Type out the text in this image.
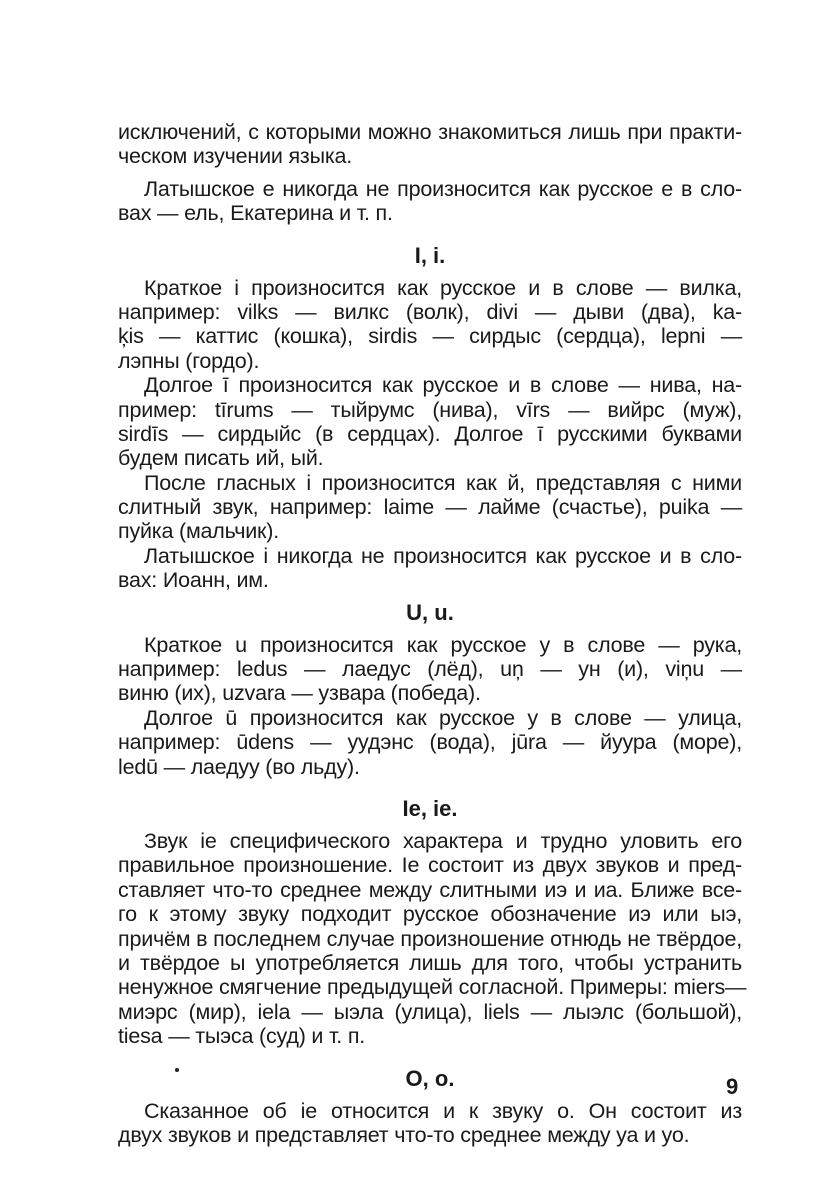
исключений, с которыми можно знакомиться лишь при практи-
ческом изучении языка.
Латышское e никогда не произносится как русское e в сло-
вах — ель, Екатерина и т. п.
I, i.
Краткое i произносится как русское и в слове — вилка,
например: vilks — вилкс (волк), divi — дыви (два), ka-
ķis — каттис (кошка), sirdis — сирдыс (сердца), lepni —
лэпны (гордо).
Долгое ī произносится как русское и в слове — нива, на-
пример: tīrums — тыйрумс (нива), vīrs — вийрс (муж),
sirdīs — сирдыйс (в сердцах). Долгое ī русскими буквами
будем писать ий, ый.
После гласных i произносится как й, представляя с ними
слитный звук, например: laime — лайме (счастье), puika —
пуйка (мальчик).
Латышское i никогда не произносится как русское и в сло-
вах: Иоанн, им.
U, u.
Краткое u произносится как русское у в слове — рука,
например: ledus — лаедус (лёд), uņ — ун (и), viņu —
виню (их), uzvara — узвара (победа).
Долгое ū произносится как русское у в слове — улица,
например: ūdens — уудэнс (вода), jūra — йуура (море),
ledū — лаедуу (во льду).
Ie, ie.
Звук ie специфического характера и трудно уловить его
правильное произношение. Ie состоит из двух звуков и пред-
ставляет что-то среднее между слитными иэ и иа. Ближе все-
го к этому звуку подходит русское обозначение иэ или ыэ,
причём в последнем случае произношение отнюдь не твёрдое,
и твёрдое ы употребляется лишь для того, чтобы устранить
ненужное смягчение предыдущей согласной. Примеры: miers—
миэрс (мир), iela — ыэла (улица), liels — лыэлс (большой),
tiesa — тыэса (суд) и т. п.
O, o.
Сказанное об ie относится и к звуку o. Он состоит из
двух звуков и представляет что-то среднее между уа и уо.
9
